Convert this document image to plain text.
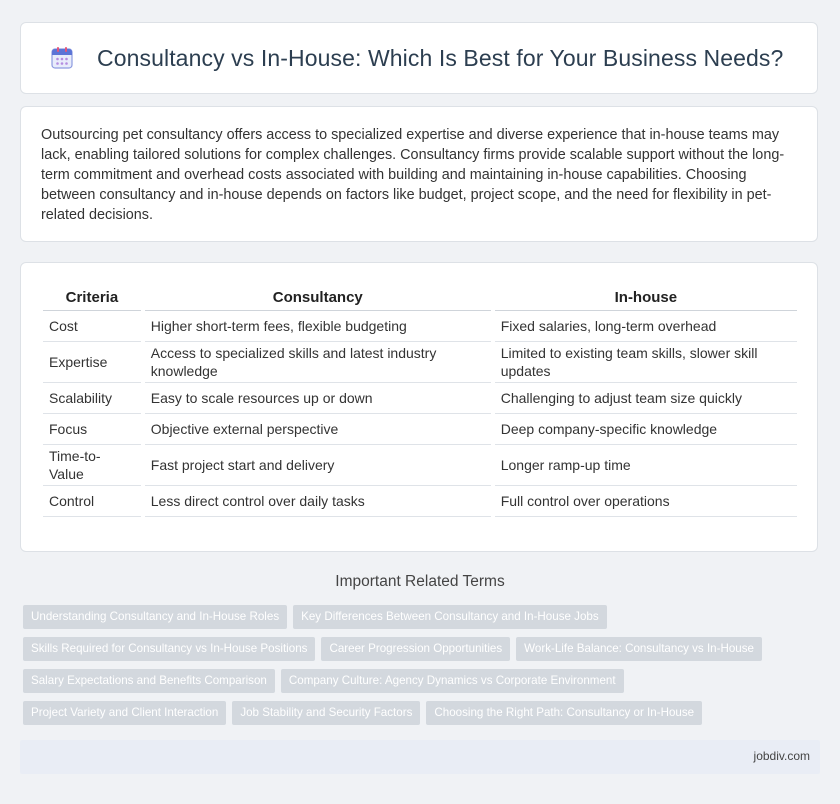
Consultancy vs In-House: Which Is Best for Your Business Needs?

Outsourcing pet consultancy offers access to specialized expertise and diverse experience that in-house teams may lack, enabling tailored solutions for complex challenges. Consultancy firms provide scalable support without the long-term commitment and overhead costs associated with building and maintaining in-house capabilities. Choosing between consultancy and in-house depends on factors like budget, project scope, and the need for flexibility in pet-related decisions.

Criteria		Consultancy		In-house
Cost		Higher short-term fees, flexible budgeting		Fixed salaries, long-term overhead
Expertise		Access to specialized skills and latest industry knowledge		Limited to existing team skills, slower skill updates
Scalability		Easy to scale resources up or down		Challenging to adjust team size quickly
Focus		Objective external perspective		Deep company-specific knowledge
Time-to-Value		Fast project start and delivery		Longer ramp-up time
Control		Less direct control over daily tasks		Full control over operations
Important Related Terms
Understanding Consultancy and In-House Roles Key Differences Between Consultancy and In-House Jobs
Skills Required for Consultancy vs In-House Positions Career Progression Opportunities Work-Life Balance: Consultancy vs In-House
Salary Expectations and Benefits Comparison Company Culture: Agency Dynamics vs Corporate Environment
Project Variety and Client Interaction Job Stability and Security Factors Choosing the Right Path: Consultancy or In-House
jobdiv.com
